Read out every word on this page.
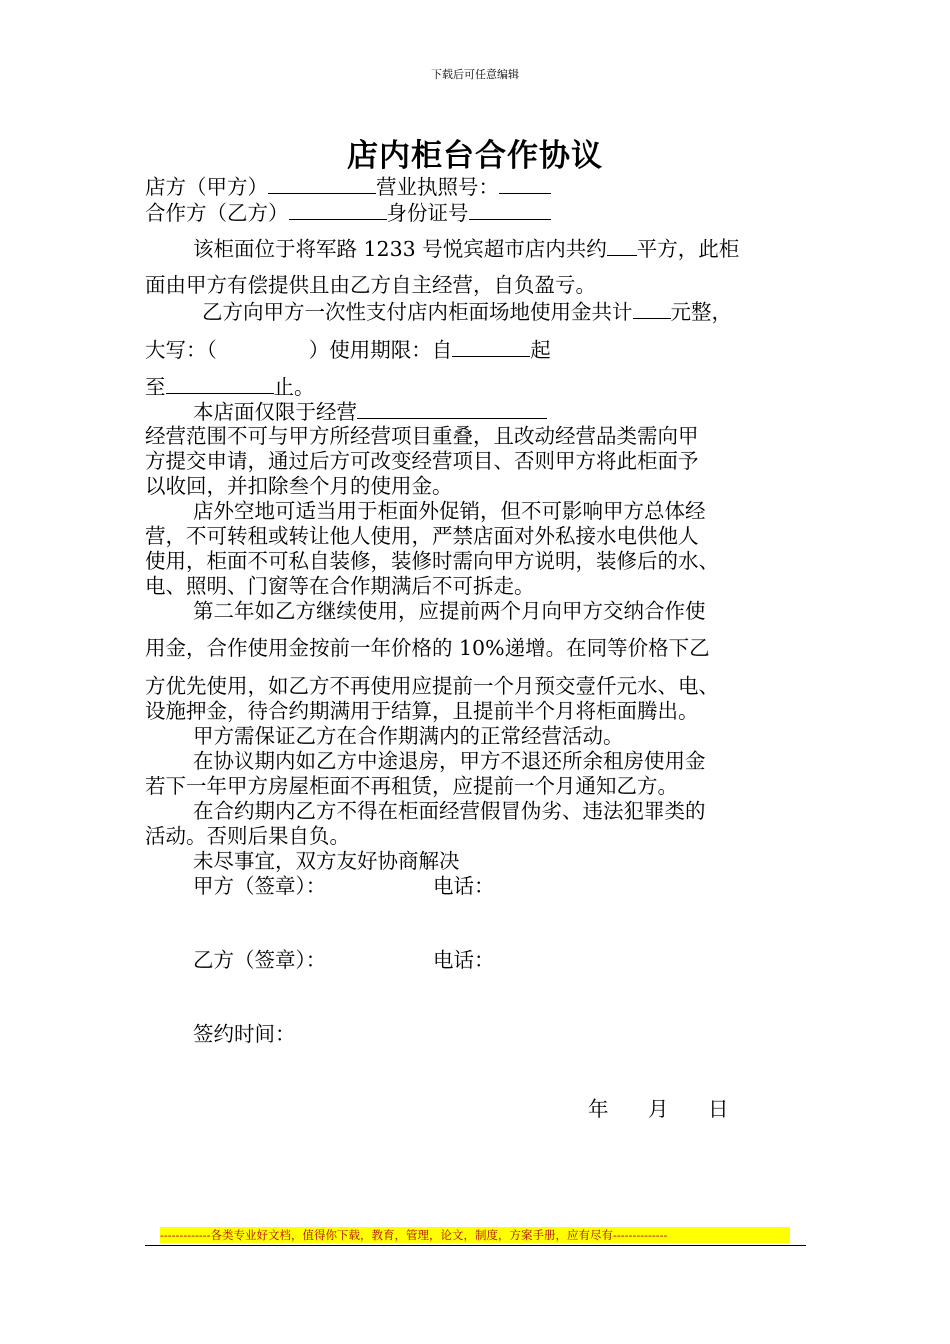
下载后可任意编辑
店内柜台合作协议
店方（甲方）	营业执照号：
合作方（乙方）	身份证号
该柜面位于将军路 1233 号悦宾超市店内共约 平方，此柜
面由甲方有偿提供且由乙方自主经营，自负盈亏。
乙方向甲方一次性支付店内柜面场地使用金共计 元整，
大写：（	）使用期限：自	起
至	止。
本店面仅限于经营
经营范围不可与甲方所经营项目重叠，且改动经营品类需向甲
方提交申请，通过后方可改变经营项目、否则甲方将此柜面予
以收回，并扣除叁个月的使用金。
店外空地可适当用于柜面外促销，但不可影响甲方总体经
营，不可转租或转让他人使用，严禁店面对外私接水电供他人
使用，柜面不可私自装修，装修时需向甲方说明，装修后的水、
电、照明、门窗等在合作期满后不可拆走。
第二年如乙方继续使用，应提前两个月向甲方交纳合作使
用金，合作使用金按前一年价格的 10%递增。在同等价格下乙
方优先使用，如乙方不再使用应提前一个月预交壹仟元水、电、
设施押金，待合约期满用于结算，且提前半个月将柜面腾出。
甲方需保证乙方在合作期满内的正常经营活动。
在协议期内如乙方中途退房，甲方不退还所余租房使用金
若下一年甲方房屋柜面不再租赁，应提前一个月通知乙方。
在合约期内乙方不得在柜面经营假冒伪劣、违法犯罪类的
活动。否则后果自负。
未尽事宜，双方友好协商解决
甲方（签章）：	电话：
乙方（签章）：	电话：
签约时间：
年 月 日
-------------各类专业好文档，值得你下载，教育，管理，论文，制度，方案手册，应有尽有--------------
